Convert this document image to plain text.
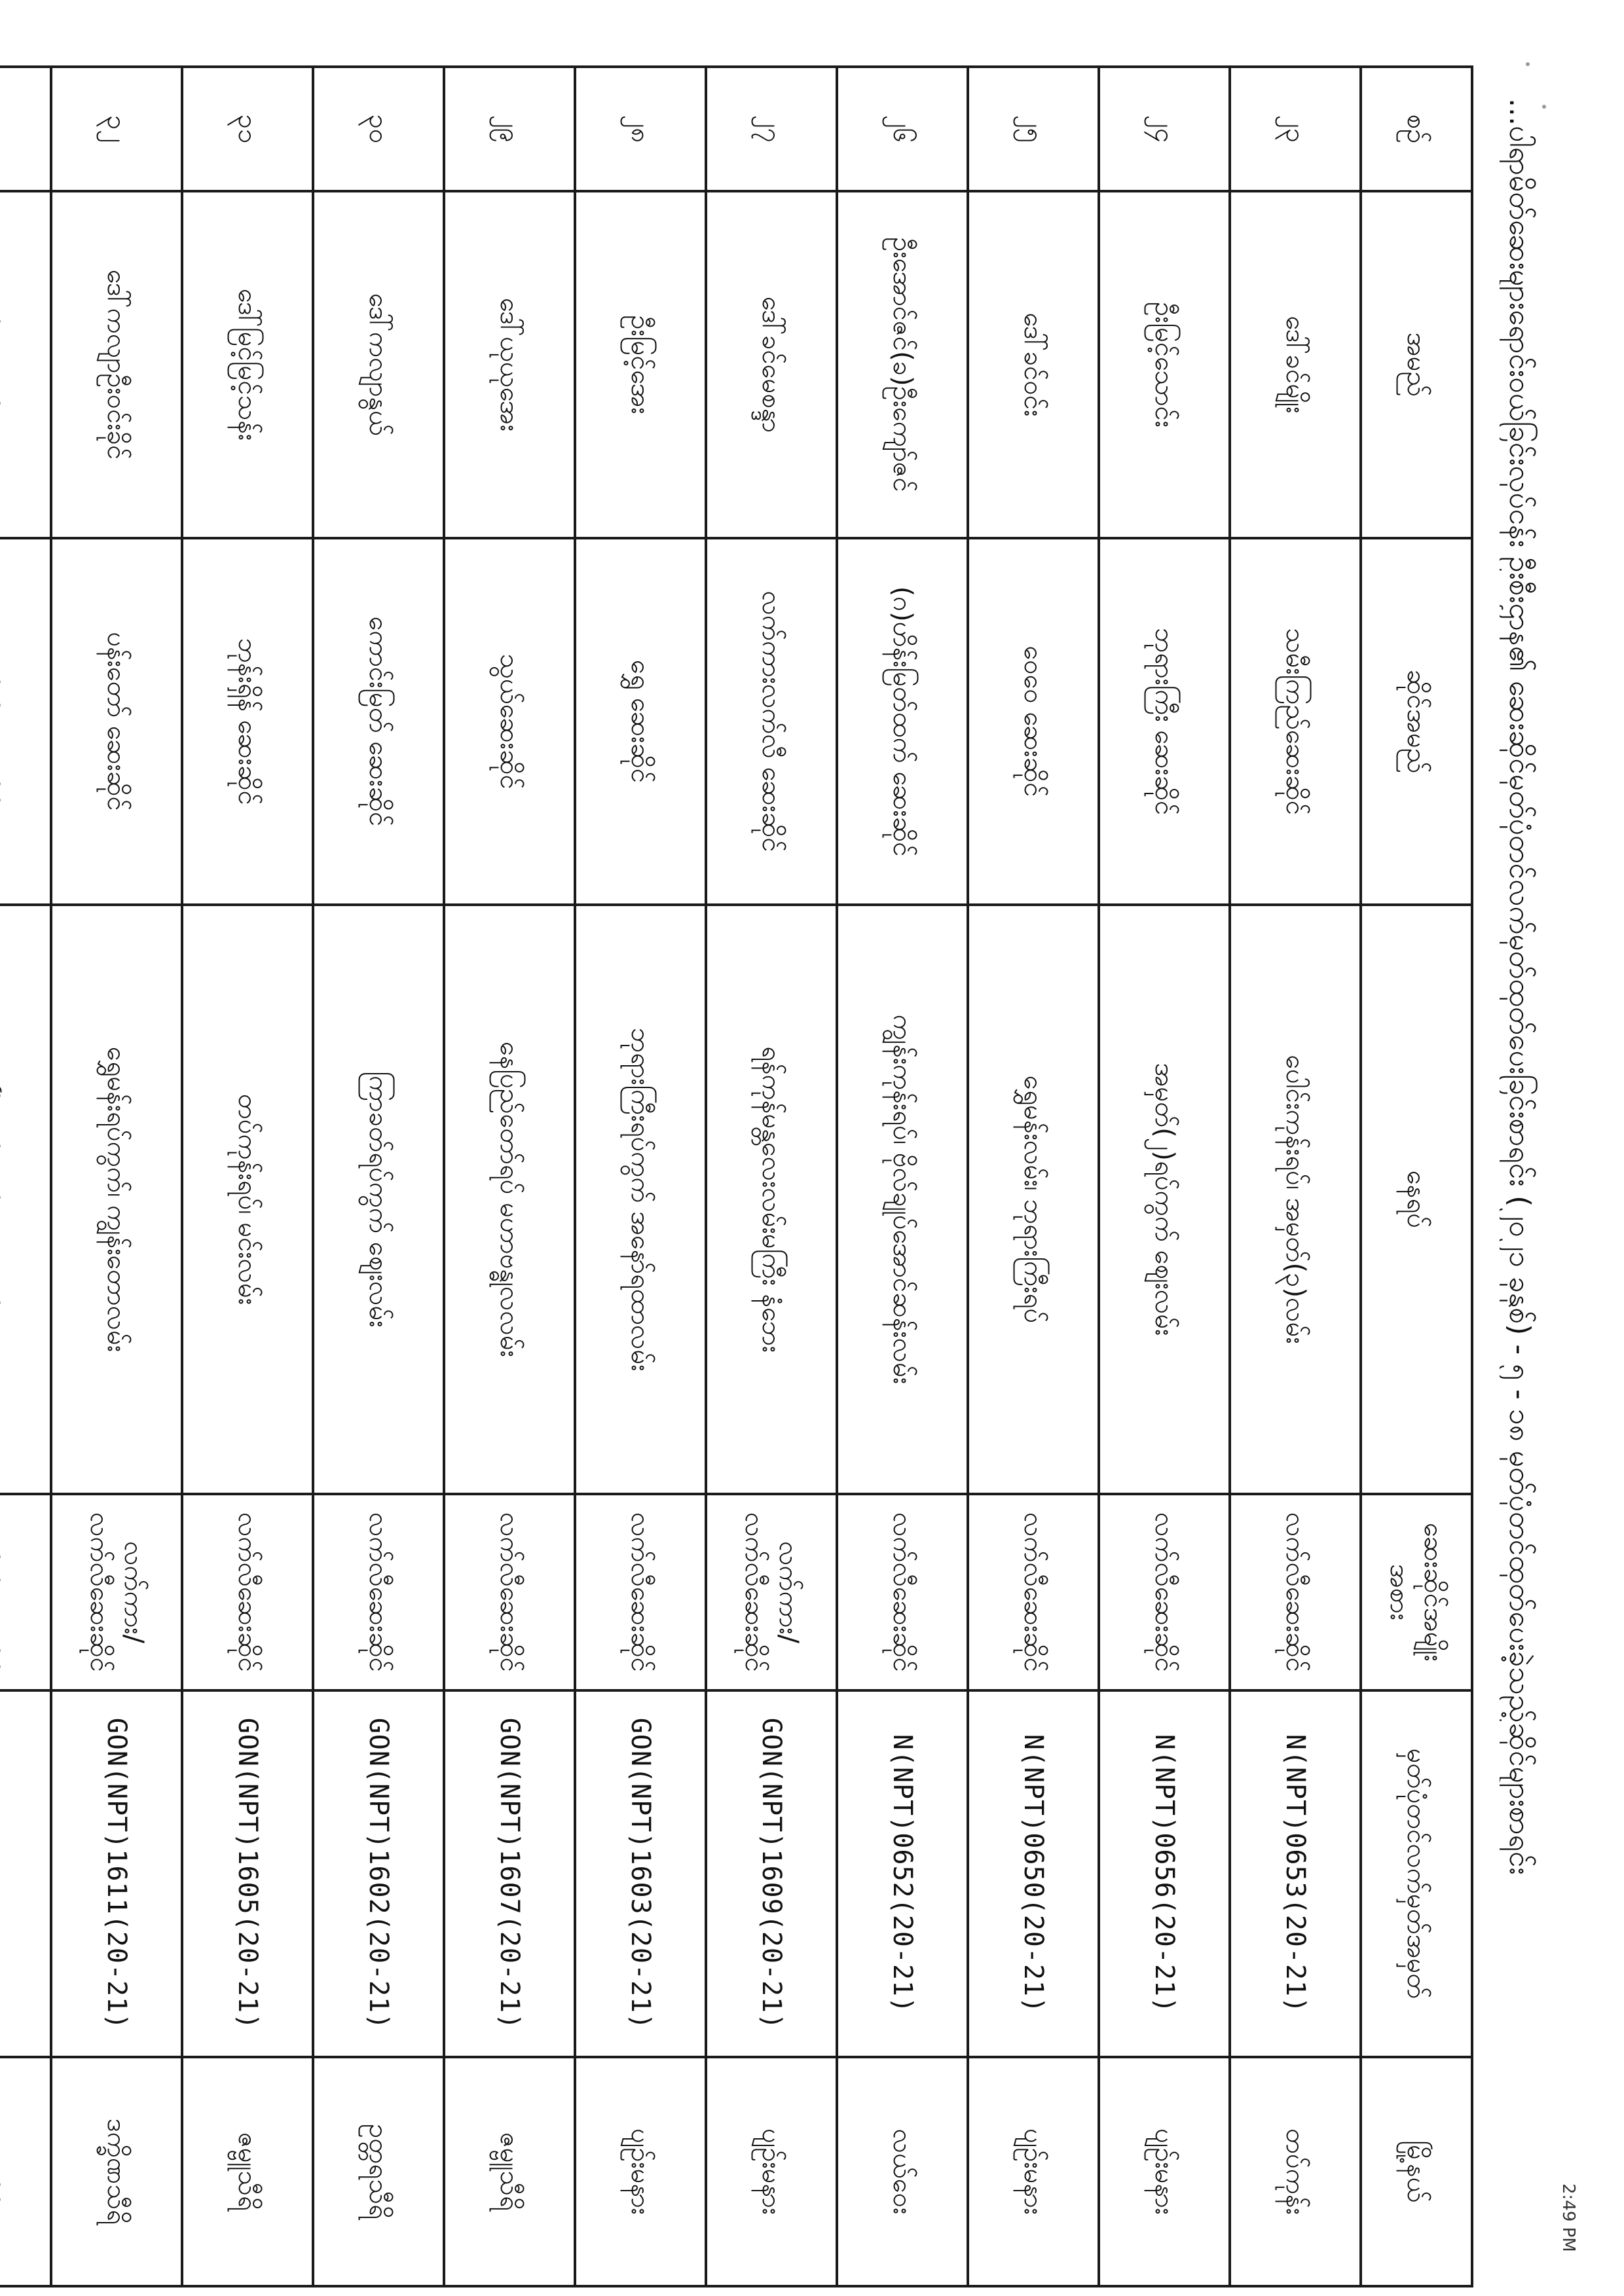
...ပါရာမိတ်ဆေးများရောင်းဝယ်ခြင်းလုပ်ငန်း ဦးစီးဌာန၏ ဆေးဆိုင်မှတ်ပုံတင်လက်မှတ်ထုတ်ပေးခြင်းစာရင်း (၂၀၂၁ ခုနှစ်) - ၅ - ၁၈ မှတ်ပုံတင်ထုတ်ပေးခဲ့သည့်ဆိုင်များစာရင်း
စဉ်	အမည်	ဆိုင်အမည်	နေရပ်	ဆေးဆိုင်အမျိုးအစား	မှတ်ပုံတင်လက်မှတ်အမှတ်	မြို့နယ်
၂၃	ဒေါ်ခင်မျိုး	သမီးကြည်ဆေးဆိုင်	ပေါင်းကုန်းရပ်၊ အမှတ်(၃)လမ်း	လက်လီဆေးဆိုင်	N(NPT)0653(20-21)	တပ်ကုန်း
၂၄	ဦးမြင့်သောင်း	ဘုရားကြီး ဆေးဆိုင်	အမှတ်(၂)ရပ်ကွက် ဈေးလမ်း	လက်လီဆေးဆိုင်	N(NPT)0656(20-21)	ပျဉ်းမနား
၂၅	ဒေါ်ခင်ဝင်း	ဝေဝေ ဆေးဆိုင်	ရွှေမန်းလမ်း၊ ဘုရားကြီးရပ်	လက်လီဆေးဆိုင်	N(NPT)0650(20-21)	ပျဉ်းမနား
၂၆	ဦးအောင်ဇင်(ခ)ဦးကျော်ဇင်	(ဂ)ဟိန်းမြတ်ထက် ဆေးဆိုင်	ကျွန်းကုန်းရပ်၊ ဗိုလ်ချုပ်အောင်ဆန်းလမ်း	လက်လီဆေးဆိုင်	N(NPT)0652(20-21)	လယ်ဝေး
၂၇	ဒေါ်ခင်မေစန္ဒာ	လက်ကားလက်လီ ဆေးဆိုင်	ရန်ကုန်မန္တလေးလမ်းမကြီး နံဘေး	လက်ကား/လက်လီဆေးဆိုင်	GON(NPT)1609(20-21)	ပျဉ်းမနား
၂၈	ဦးမြင့်အေး	ရွှေ ဆေးဆိုင်	ဘုရားကြီးရပ်ကွက် အနော်ရထာလမ်း	လက်လီဆေးဆိုင်	GON(NPT)1603(20-21)	ပျဉ်းမနား
၂၉	ဒေါ်ယုယုအေး	သွယ်ဆေးဆိုင်	နေပြည်တော်ရပ် မဟာဗန္ဓုလလမ်း	လက်လီဆေးဆိုင်	GON(NPT)1607(20-21)	ဇမ္ဗူသီရိ
၃၀	ဒေါ်ကလျာနွယ်	ကောင်းမြတ် ဆေးဆိုင်	ကြာခတ်ရပ်ကွက် ဈေးလမ်း	လက်လီဆေးဆိုင်	GON(NPT)1602(20-21)	ဥတ္တရသီရိ
၃၁	ဒေါ်မြင့်မြင့်သန်း	ဘုန်းရှိန် ဆေးဆိုင်	တပ်ကုန်းရပ်၊ မင်းလမ်း	လက်လီဆေးဆိုင်	GON(NPT)1605(20-21)	ဇမ္ဗူသီရိ
၃၂	ဒေါ်ကလျာဦးဝင်းခိုင်	ပန်းတော် ဆေးဆိုင်	ရွှေမန်းရပ်ကွက်၊ ကျွန်းတောလမ်း	လက်ကား/လက်လီဆေးဆိုင်	GON(NPT)1611(20-21)	ဒက္ခိဏသီရိ
							2:49 PM
